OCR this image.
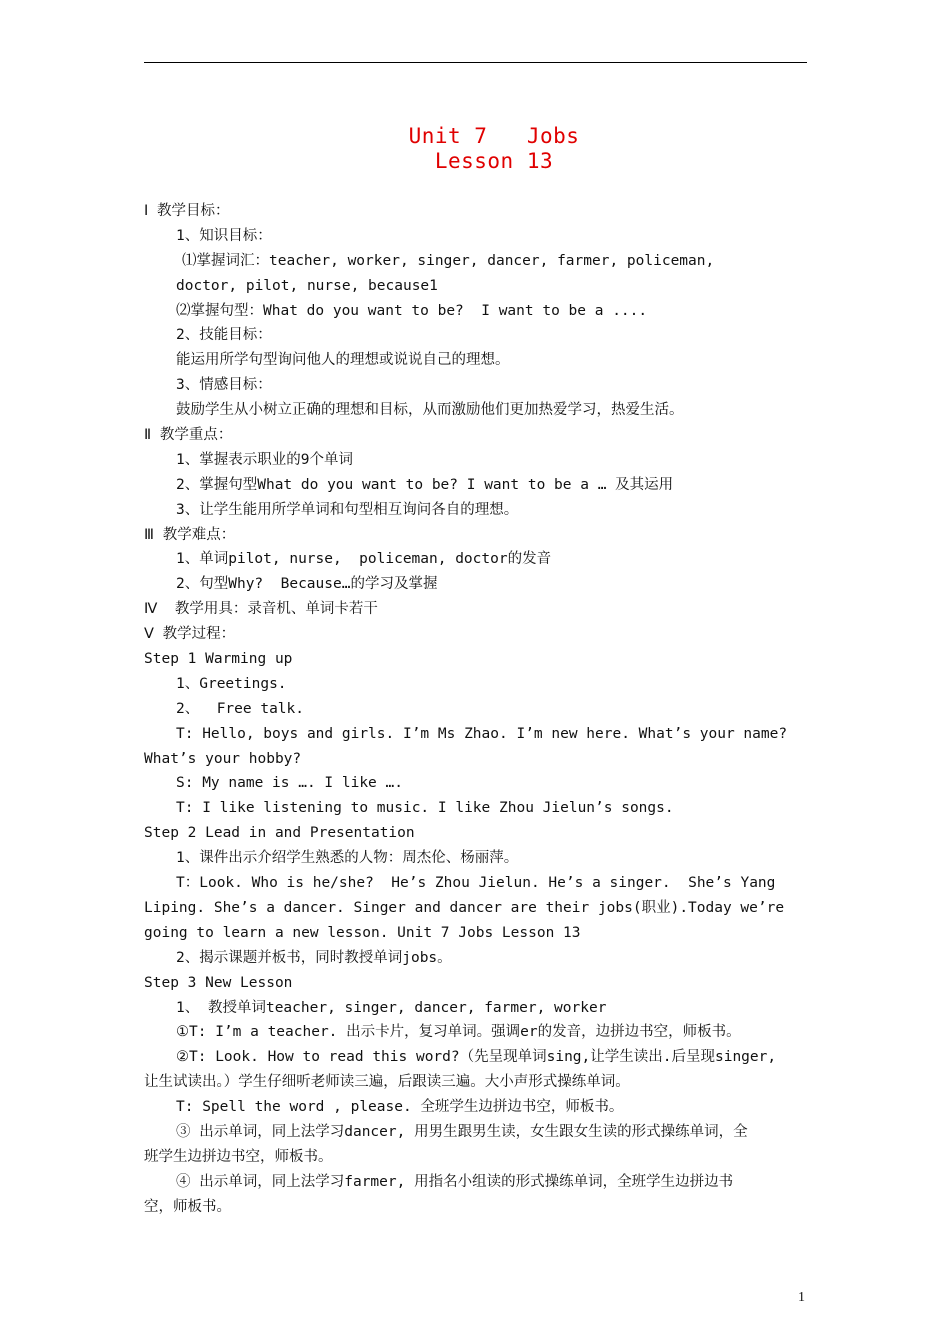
Unit 7   Jobs
Lesson 13
Ⅰ 教学目标：
1、知识目标：
⑴掌握词汇：teacher, worker, singer, dancer, farmer, policeman,
doctor, pilot, nurse, because1
⑵掌握句型：What do you want to be?  I want to be a ....
2、技能目标：
能运用所学句型询问他人的理想或说说自己的理想。
3、情感目标：
鼓励学生从小树立正确的理想和目标，从而激励他们更加热爱学习，热爱生活。
Ⅱ 教学重点：
1、掌握表示职业的9个单词
2、掌握句型What do you want to be? I want to be a … 及其运用
3、让学生能用所学单词和句型相互询问各自的理想。
Ⅲ 教学难点：
1、单词pilot, nurse,  policeman, doctor的发音
2、句型Why?  Because…的学习及掌握
Ⅳ  教学用具：录音机、单词卡若干
Ⅴ 教学过程：
Step 1 Warming up
1、Greetings.
2、  Free talk.
T: Hello, boys and girls. I’m Ms Zhao. I’m new here. What’s your name?
What’s your hobby?
S: My name is …. I like ….
T: I like listening to music. I like Zhou Jielun’s songs.
Step 2 Lead in and Presentation
1、课件出示介绍学生熟悉的人物：周杰伦、杨丽萍。
T：Look. Who is he/she?  He’s Zhou Jielun. He’s a singer.  She’s Yang
Liping. She’s a dancer. Singer and dancer are their jobs(职业).Today we’re
going to learn a new lesson. Unit 7 Jobs Lesson 13
2、揭示课题并板书，同时教授单词jobs。
Step 3 New Lesson
1、 教授单词teacher, singer, dancer, farmer, worker
①T: I’m a teacher. 出示卡片，复习单词。强调er的发音，边拼边书空，师板书。
②T: Look. How to read this word?（先呈现单词sing,让学生读出.后呈现singer,
让生试读出。）学生仔细听老师读三遍，后跟读三遍。大小声形式操练单词。
T: Spell the word , please. 全班学生边拼边书空，师板书。
③ 出示单词，同上法学习dancer, 用男生跟男生读，女生跟女生读的形式操练单词，全
班学生边拼边书空，师板书。
④ 出示单词，同上法学习farmer, 用指名小组读的形式操练单词，全班学生边拼边书
空，师板书。
1
